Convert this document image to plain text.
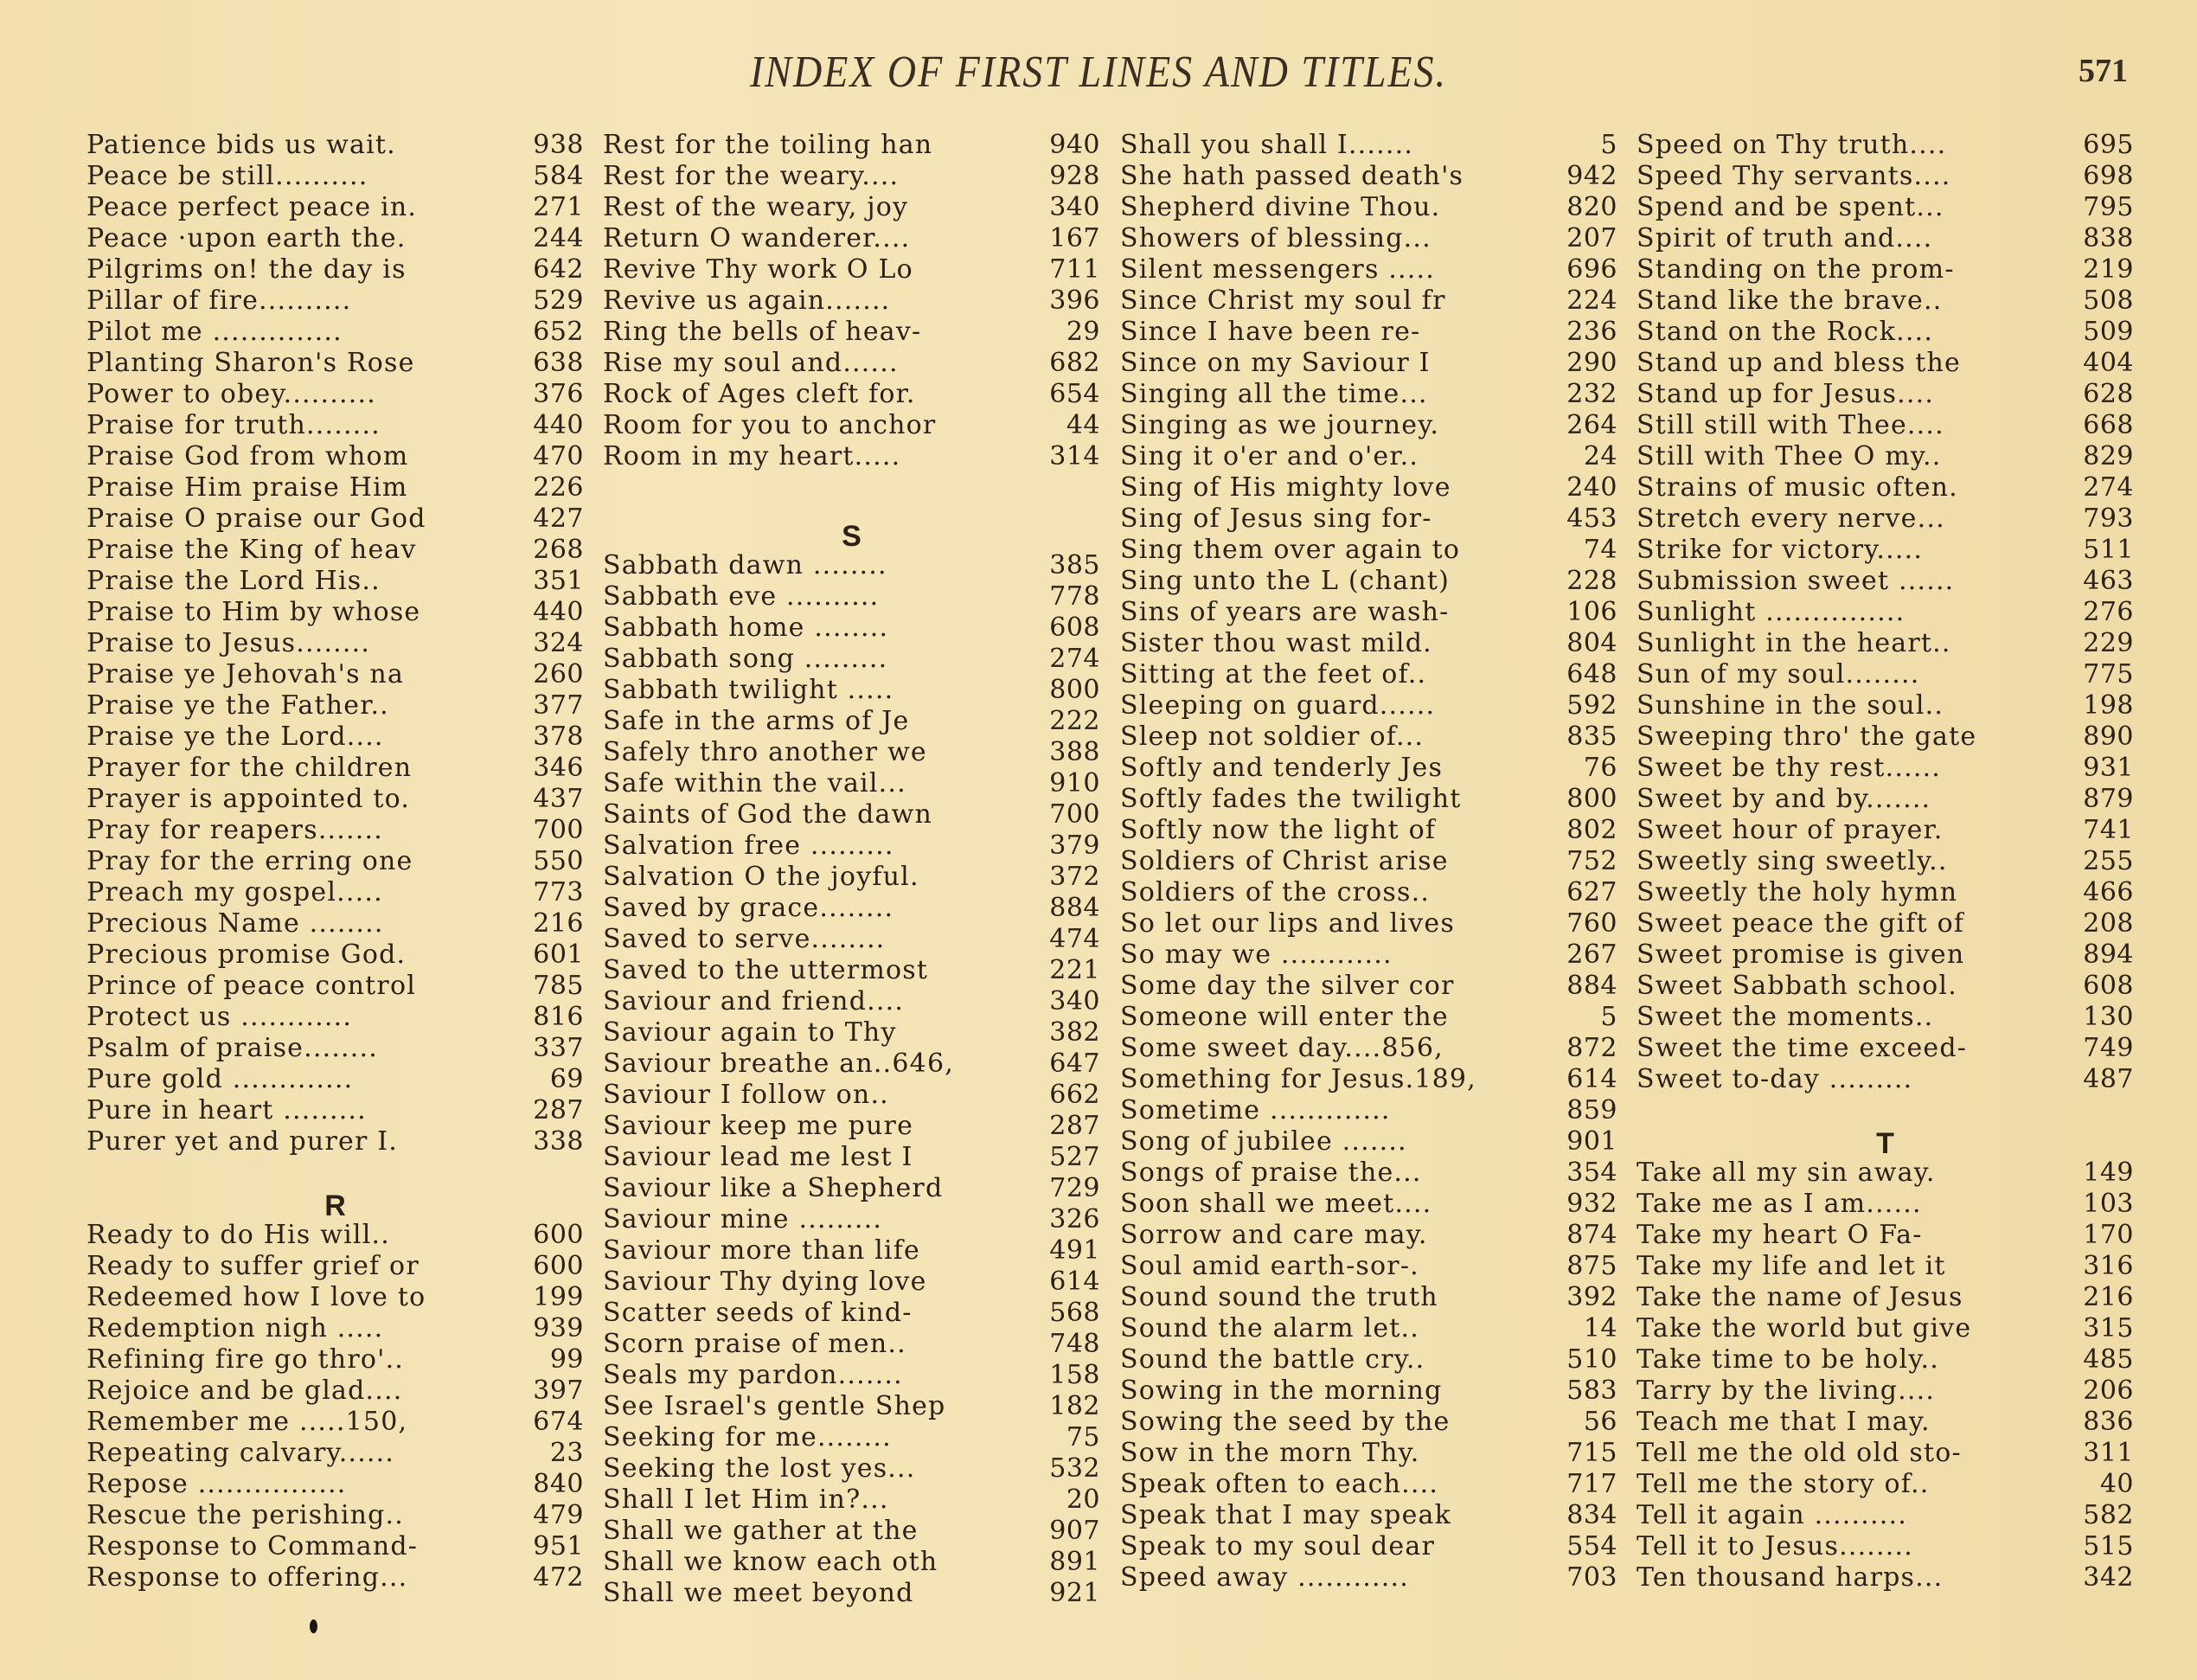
INDEX OF FIRST LINES AND TITLES.	571
Patience bids us wait.	938
Peace be still..........	584
Peace perfect peace in.	271
Peace ·upon earth the.	244
Pilgrims on! the day is	642
Pillar of fire..........	529
Pilot me ..............	652
Planting Sharon's Rose	638
Power to obey..........	376
Praise for truth........	440
Praise God from whom	470
Praise Him praise Him	226
Praise O praise our God	427
Praise the King of heav	268
Praise the Lord His..	351
Praise to Him by whose	440
Praise to Jesus........	324
Praise ye Jehovah's na	260
Praise ye the Father..	377
Praise ye the Lord....	378
Prayer for the children	346
Prayer is appointed to.	437
Pray for reapers.......	700
Pray for the erring one	550
Preach my gospel.....	773
Precious Name ........	216
Precious promise God.	601
Prince of peace control	785
Protect us ............	816
Psalm of praise........	337
Pure gold .............	69
Pure in heart .........	287
Purer yet and purer I.	338
R
Ready to do His will..	600
Ready to suffer grief or	600
Redeemed how I love to	199
Redemption nigh .....	939
Refining fire go thro'..	99
Rejoice and be glad....	397
Remember me .....150,	674
Repeating calvary......	23
Repose ................	840
Rescue the perishing..	479
Response to Command-	951
Response to offering...	472
Rest for the toiling han	940
Rest for the weary....	928
Rest of the weary, joy	340
Return O wanderer....	167
Revive Thy work O Lo	711
Revive us again.......	396
Ring the bells of heav-	29
Rise my soul and......	682
Rock of Ages cleft for.	654
Room for you to anchor	44
Room in my heart.....	314
S
Sabbath dawn ........	385
Sabbath eve ..........	778
Sabbath home ........	608
Sabbath song .........	274
Sabbath twilight .....	800
Safe in the arms of Je	222
Safely thro another we	388
Safe within the vail...	910
Saints of God the dawn	700
Salvation free .........	379
Salvation O the joyful.	372
Saved by grace........	884
Saved to serve........	474
Saved to the uttermost	221
Saviour and friend....	340
Saviour again to Thy	382
Saviour breathe an..646,	647
Saviour I follow on..	662
Saviour keep me pure	287
Saviour lead me lest I	527
Saviour like a Shepherd	729
Saviour mine .........	326
Saviour more than life	491
Saviour Thy dying love	614
Scatter seeds of kind-	568
Scorn praise of men..	748
Seals my pardon.......	158
See Israel's gentle Shep	182
Seeking for me........	75
Seeking the lost yes...	532
Shall I let Him in?...	20
Shall we gather at the	907
Shall we know each oth	891
Shall we meet beyond	921
Shall you shall I.......	5
She hath passed death's	942
Shepherd divine Thou.	820
Showers of blessing...	207
Silent messengers .....	696
Since Christ my soul fr	224
Since I have been re-	236
Since on my Saviour I	290
Singing all the time...	232
Singing as we journey.	264
Sing it o'er and o'er..	24
Sing of His mighty love	240
Sing of Jesus sing for-	453
Sing them over again to	74
Sing unto the L (chant)	228
Sins of years are wash-	106
Sister thou wast mild.	804
Sitting at the feet of..	648
Sleeping on guard......	592
Sleep not soldier of...	835
Softly and tenderly Jes	76
Softly fades the twilight	800
Softly now the light of	802
Soldiers of Christ arise	752
Soldiers of the cross..	627
So let our lips and lives	760
So may we ............	267
Some day the silver cor	884
Someone will enter the	5
Some sweet day....856,	872
Something for Jesus.189,	614
Sometime .............	859
Song of jubilee .......	901
Songs of praise the...	354
Soon shall we meet....	932
Sorrow and care may.	874
Soul amid earth-sor-.	875
Sound sound the truth	392
Sound the alarm let..	14
Sound the battle cry..	510
Sowing in the morning	583
Sowing the seed by the	56
Sow in the morn Thy.	715
Speak often to each....	717
Speak that I may speak	834
Speak to my soul dear	554
Speed away ............	703
Speed on Thy truth....	695
Speed Thy servants....	698
Spend and be spent...	795
Spirit of truth and....	838
Standing on the prom-	219
Stand like the brave..	508
Stand on the Rock....	509
Stand up and bless the	404
Stand up for Jesus....	628
Still still with Thee....	668
Still with Thee O my..	829
Strains of music often.	274
Stretch every nerve...	793
Strike for victory.....	511
Submission sweet ......	463
Sunlight ...............	276
Sunlight in the heart..	229
Sun of my soul........	775
Sunshine in the soul..	198
Sweeping thro' the gate	890
Sweet be thy rest......	931
Sweet by and by.......	879
Sweet hour of prayer.	741
Sweetly sing sweetly..	255
Sweetly the holy hymn	466
Sweet peace the gift of	208
Sweet promise is given	894
Sweet Sabbath school.	608
Sweet the moments..	130
Sweet the time exceed-	749
Sweet to-day .........	487
T
Take all my sin away.	149
Take me as I am......	103
Take my heart O Fa-	170
Take my life and let it	316
Take the name of Jesus	216
Take the world but give	315
Take time to be holy..	485
Tarry by the living....	206
Teach me that I may.	836
Tell me the old old sto-	311
Tell me the story of..	40
Tell it again ..........	582
Tell it to Jesus........	515
Ten thousand harps...	342
